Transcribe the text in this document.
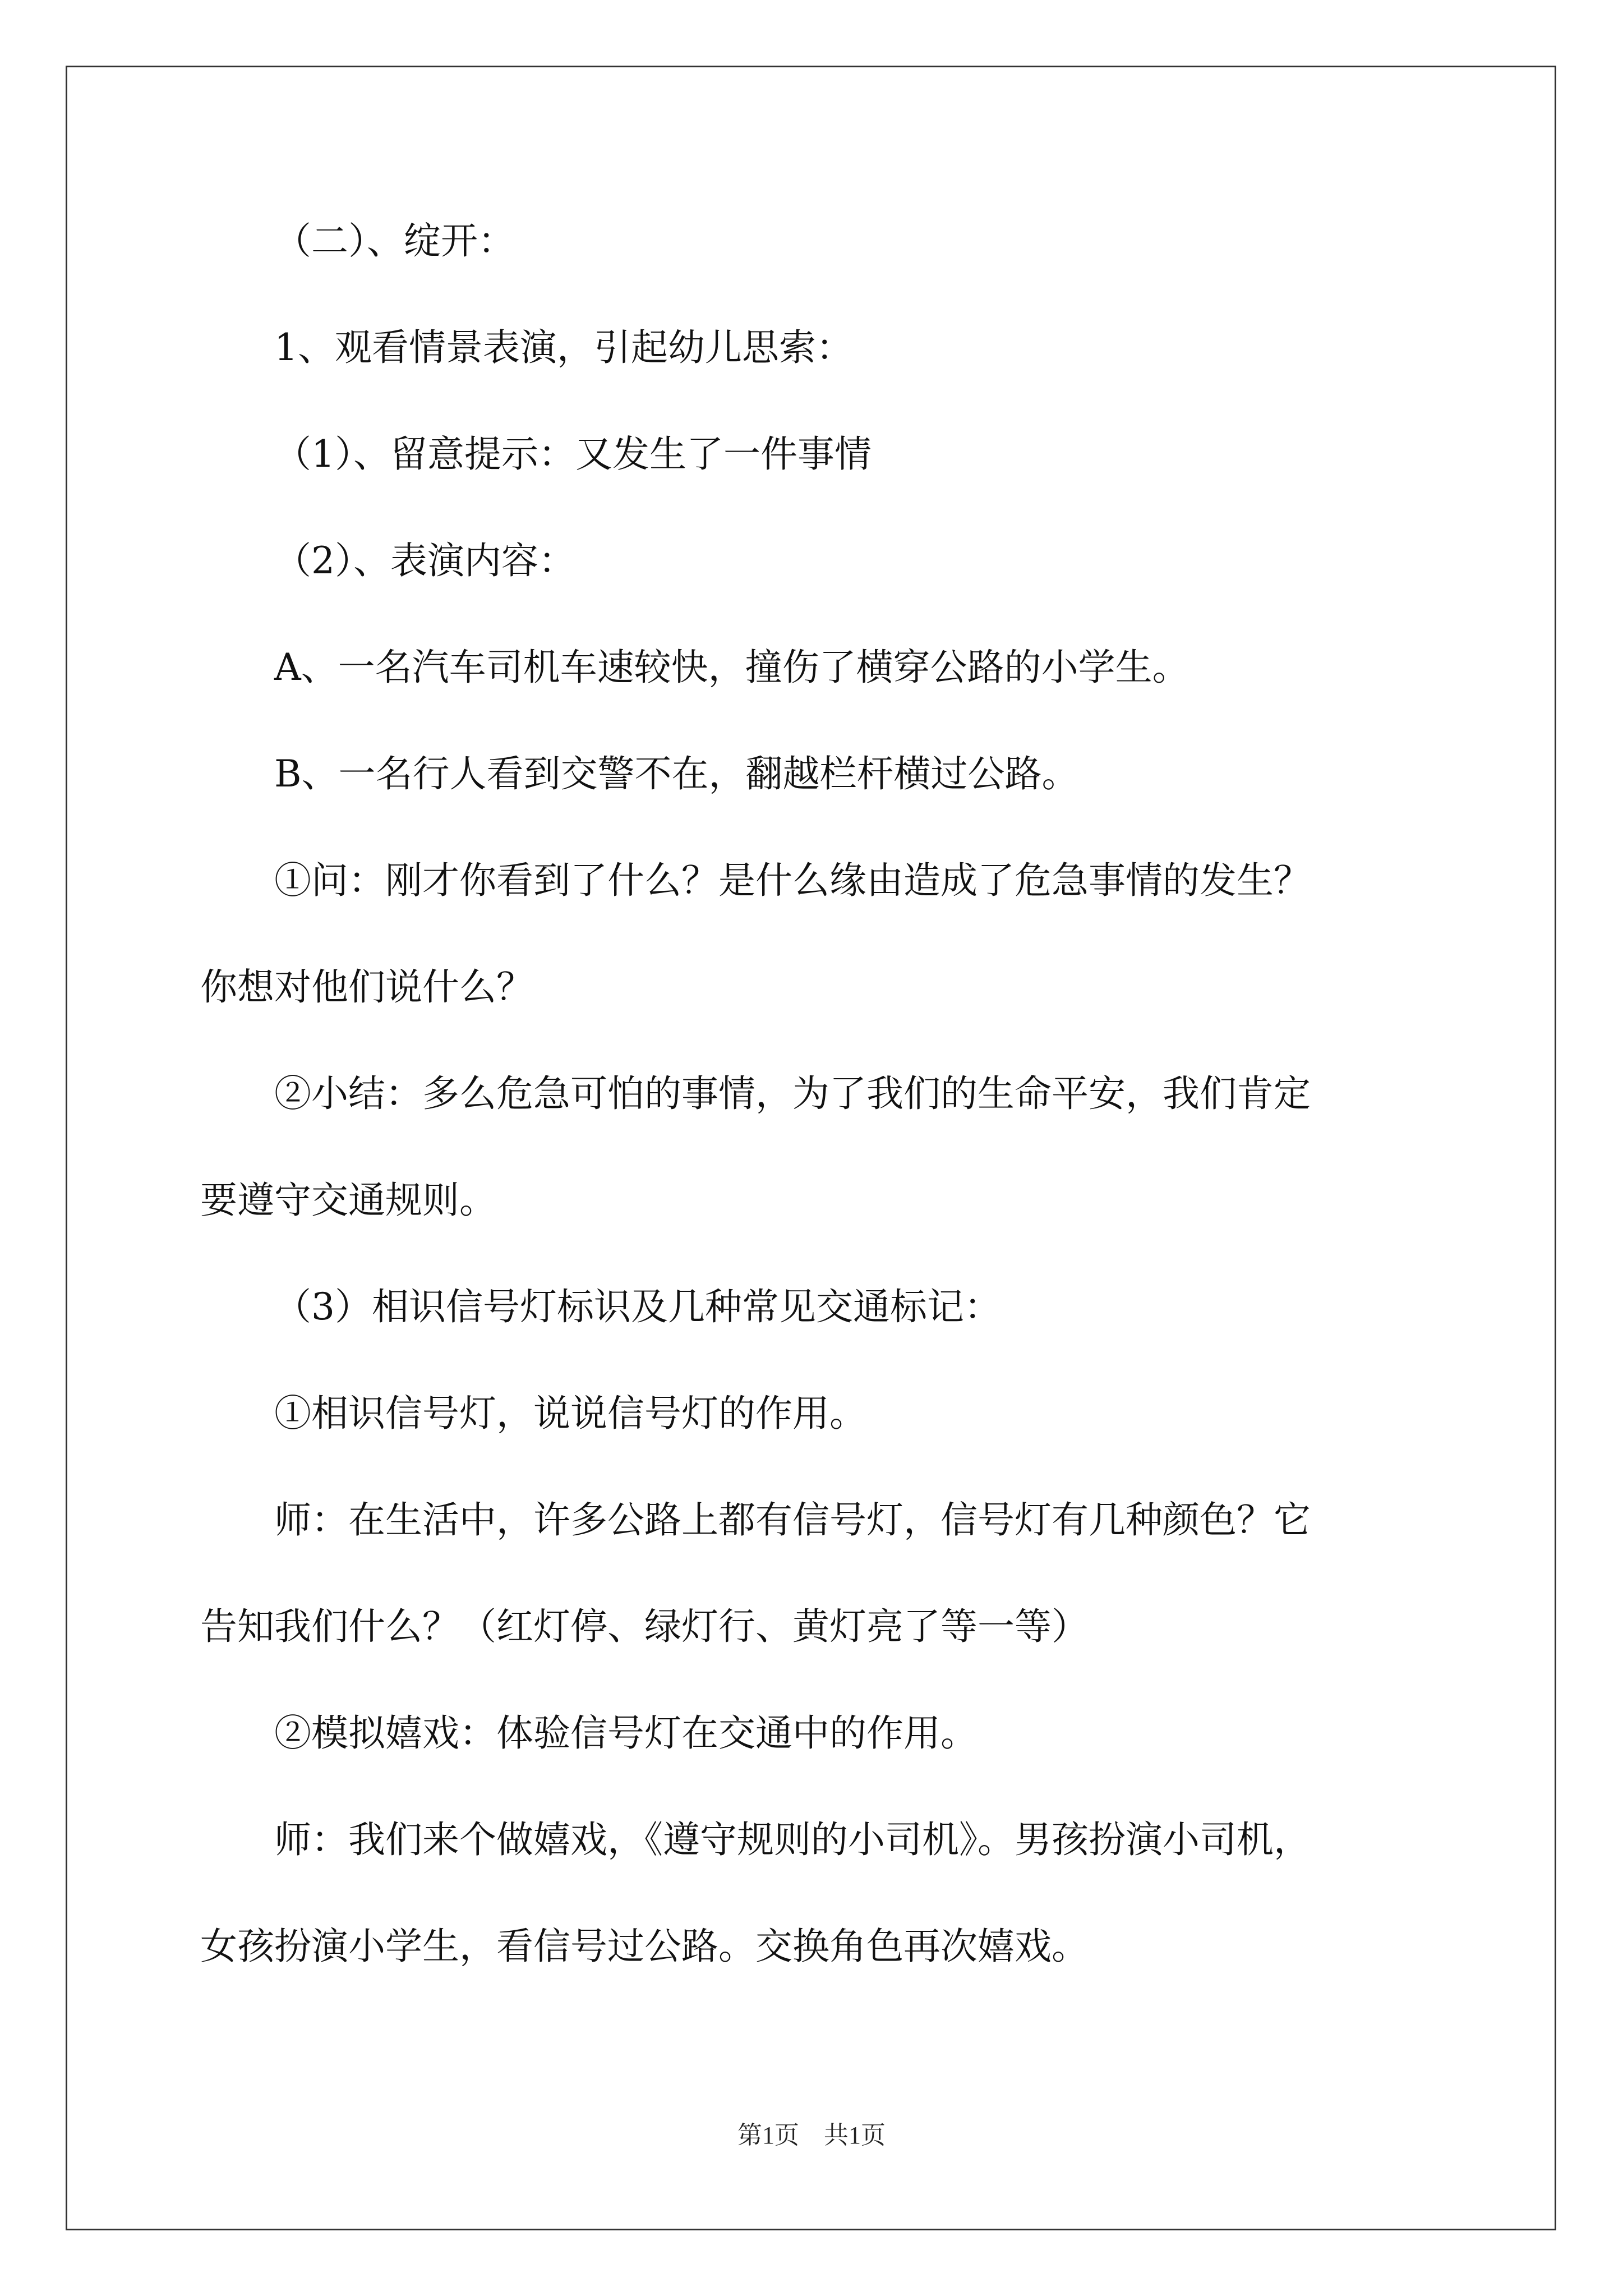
（二）、绽开：
1、观看情景表演，引起幼儿思索：
（1）、留意提示：又发生了一件事情
（2）、表演内容：
A、一名汽车司机车速较快，撞伤了横穿公路的小学生。
B、一名行人看到交警不在，翻越栏杆横过公路。
①问：刚才你看到了什么？是什么缘由造成了危急事情的发生？
你想对他们说什么？
②小结：多么危急可怕的事情，为了我们的生命平安，我们肯定
要遵守交通规则。
（3）相识信号灯标识及几种常见交通标记：
①相识信号灯，说说信号灯的作用。
师：在生活中，许多公路上都有信号灯，信号灯有几种颜色？它
告知我们什么？（红灯停、绿灯行、黄灯亮了等一等）
②模拟嬉戏：体验信号灯在交通中的作用。
师：我们来个做嬉戏，《遵守规则的小司机》。男孩扮演小司机，
女孩扮演小学生，看信号过公路。交换角色再次嬉戏。
第1页　共1页
